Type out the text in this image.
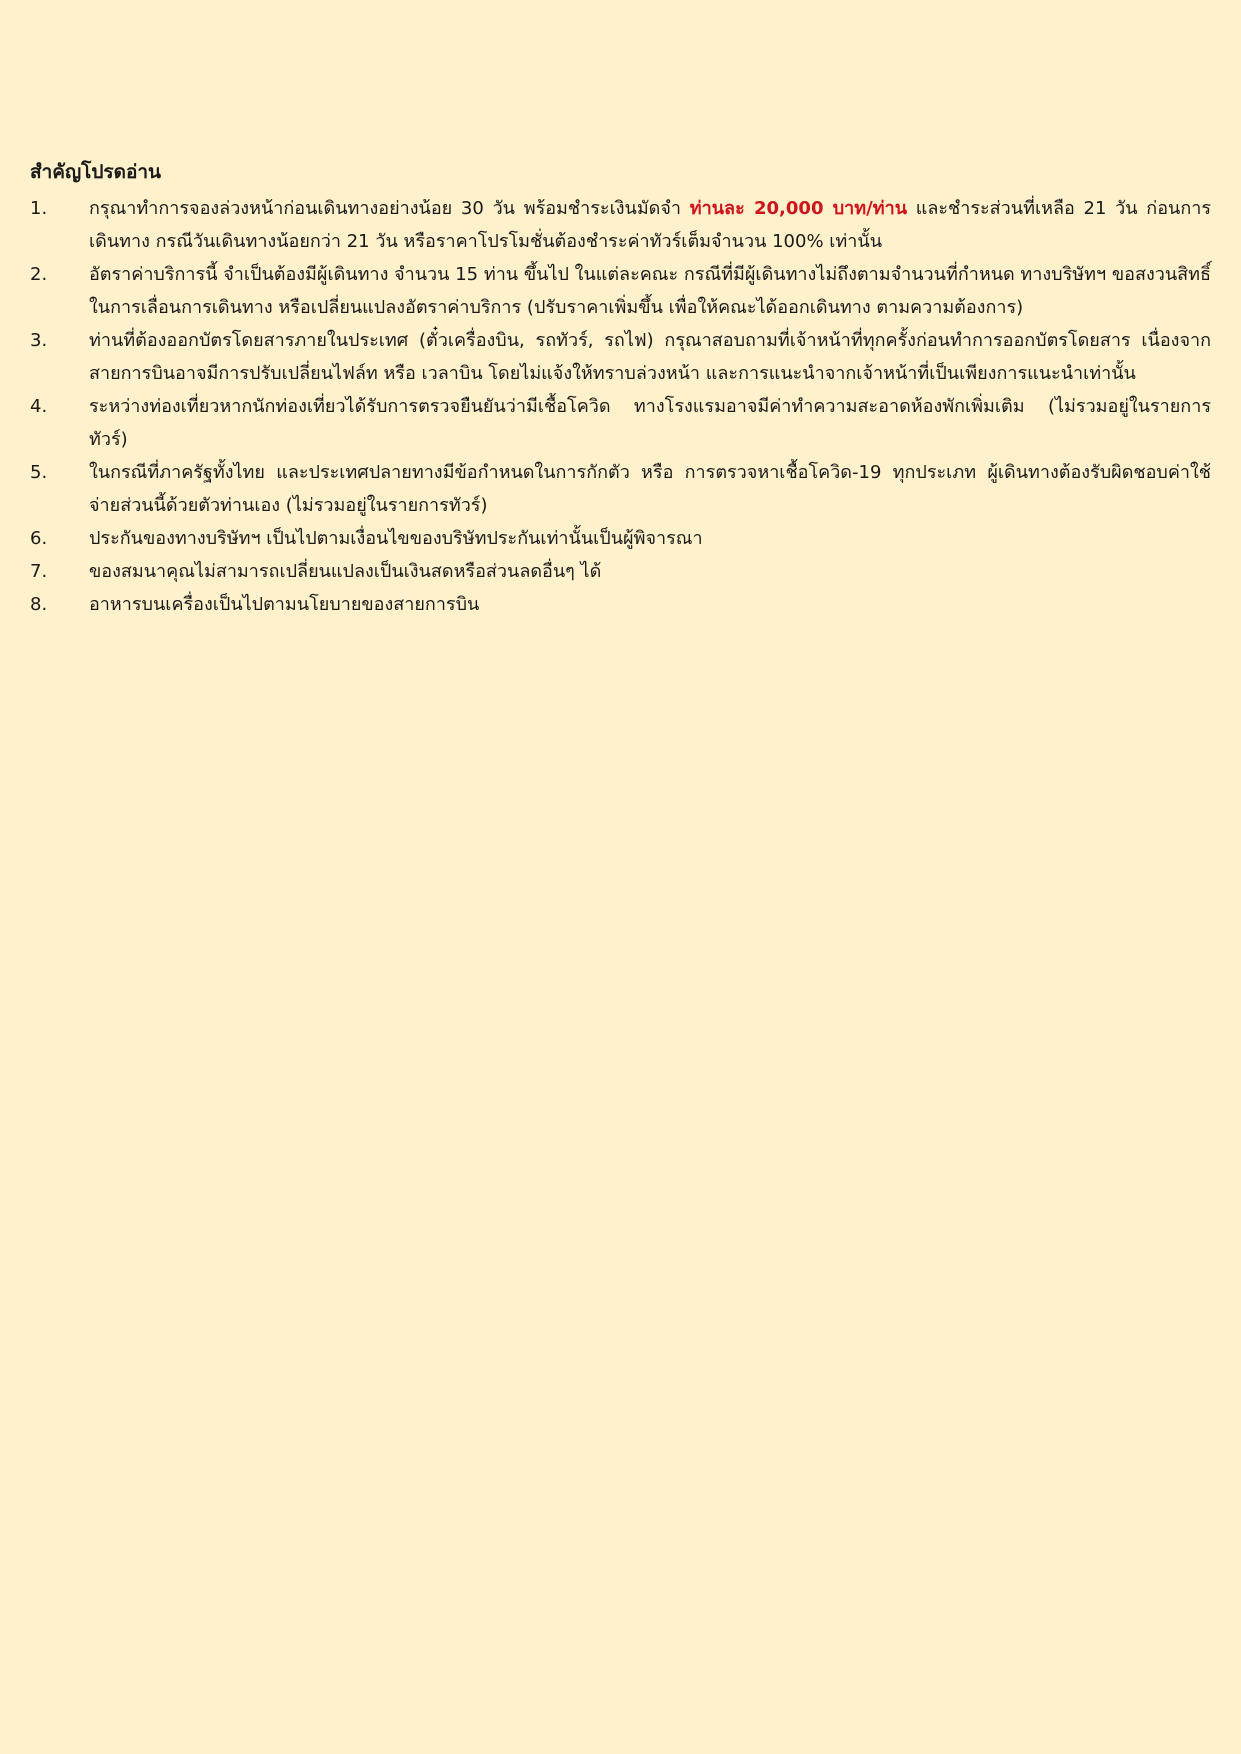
สำคัญโปรดอ่าน
1.	กรุณาทำการจองล่วงหน้าก่อนเดินทางอย่างน้อย 30 วัน พร้อมชำระเงินมัดจำ ท่านละ 20,000 บาท/ท่าน และชำระส่วนที่เหลือ 21 วัน ก่อนการเดินทาง กรณีวันเดินทางน้อยกว่า 21 วัน หรือราคาโปรโมชั่นต้องชำระค่าทัวร์เต็มจำนวน 100% เท่านั้น
2.	อัตราค่าบริการนี้ จำเป็นต้องมีผู้เดินทาง จำนวน 15 ท่าน ขึ้นไป ในแต่ละคณะ กรณีที่มีผู้เดินทางไม่ถึงตามจำนวนที่กำหนด ทางบริษัทฯ ขอสงวนสิทธิ์ในการเลื่อนการเดินทาง หรือเปลี่ยนแปลงอัตราค่าบริการ (ปรับราคาเพิ่มขึ้น เพื่อให้คณะได้ออกเดินทาง ตามความต้องการ)
3.	ท่านที่ต้องออกบัตรโดยสารภายในประเทศ (ตั๋วเครื่องบิน, รถทัวร์, รถไฟ) กรุณาสอบถามที่เจ้าหน้าที่ทุกครั้งก่อนทำการออกบัตรโดยสาร เนื่องจากสายการบินอาจมีการปรับเปลี่ยนไฟล์ท หรือ เวลาบิน โดยไม่แจ้งให้ทราบล่วงหน้า และการแนะนำจากเจ้าหน้าที่เป็นเพียงการแนะนำเท่านั้น
4.	ระหว่างท่องเที่ยวหากนักท่องเที่ยวได้รับการตรวจยืนยันว่ามีเชื้อโควิด ทางโรงแรมอาจมีค่าทำความสะอาดห้องพักเพิ่มเติม (ไม่รวมอยู่ในรายการทัวร์)
5.	ในกรณีที่ภาครัฐทั้งไทย และประเทศปลายทางมีข้อกำหนดในการกักตัว หรือ การตรวจหาเชื้อโควิด-19 ทุกประเภท ผู้เดินทางต้องรับผิดชอบค่าใช้จ่ายส่วนนี้ด้วยตัวท่านเอง (ไม่รวมอยู่ในรายการทัวร์)
6.	ประกันของทางบริษัทฯ เป็นไปตามเงื่อนไขของบริษัทประกันเท่านั้นเป็นผู้พิจารณา
7.	ของสมนาคุณไม่สามารถเปลี่ยนแปลงเป็นเงินสดหรือส่วนลดอื่นๆ ได้
8.	อาหารบนเครื่องเป็นไปตามนโยบายของสายการบิน
